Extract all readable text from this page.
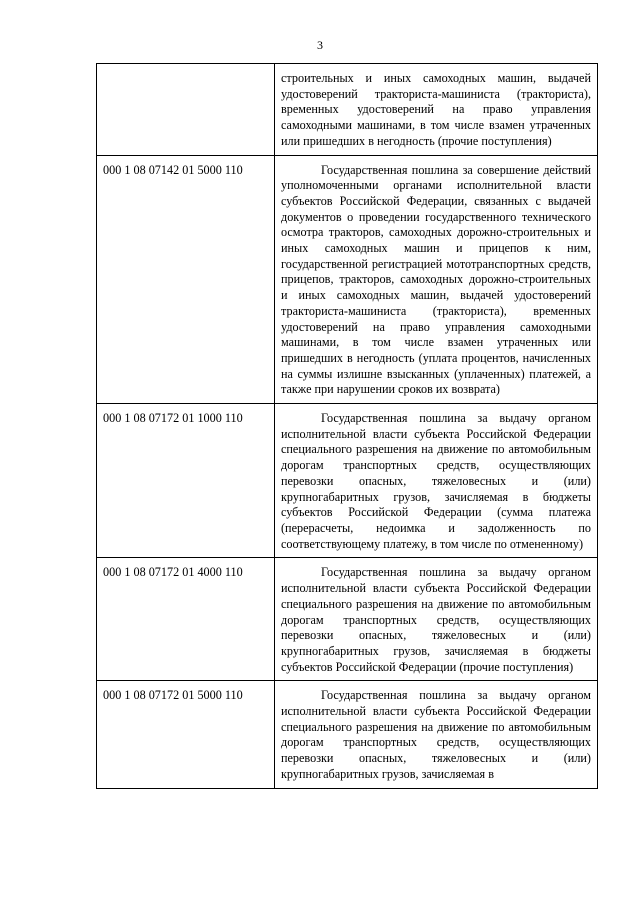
3
	строительных и иных самоходных машин, выдачей удостоверений тракториста-машиниста (тракториста), временных удостоверений на право управления самоходными машинами, в том числе взамен утраченных или пришедших в негодность (прочие поступления)
000 1 08 07142 01 5000 110	Государственная пошлина за совершение действий уполномоченными органами исполнительной власти субъектов Российской Федерации, связанных с выдачей документов о проведении государственного технического осмотра тракторов, самоходных дорожно-строительных и иных самоходных машин и прицепов к ним, государственной регистрацией мототранспортных средств, прицепов, тракторов, самоходных дорожно-строительных и иных самоходных машин, выдачей удостоверений тракториста-машиниста (тракториста), временных удостоверений на право управления самоходными машинами, в том числе взамен утраченных или пришедших в негодность (уплата процентов, начисленных на суммы излишне взысканных (уплаченных) платежей, а также при нарушении сроков их возврата)
000 1 08 07172 01 1000 110	Государственная пошлина за выдачу органом исполнительной власти субъекта Российской Федерации специального разрешения на движение по автомобильным дорогам транспортных средств, осуществляющих перевозки опасных, тяжеловесных и (или) крупногабаритных грузов, зачисляемая в бюджеты субъектов Российской Федерации (сумма платежа (перерасчеты, недоимка и задолженность по соответствующему платежу, в том числе по отмененному)
000 1 08 07172 01 4000 110	Государственная пошлина за выдачу органом исполнительной власти субъекта Российской Федерации специального разрешения на движение по автомобильным дорогам транспортных средств, осуществляющих перевозки опасных, тяжеловесных и (или) крупногабаритных грузов, зачисляемая в бюджеты субъектов Российской Федерации (прочие поступления)
000 1 08 07172 01 5000 110	Государственная пошлина за выдачу органом исполнительной власти субъекта Российской Федерации специального разрешения на движение по автомобильным дорогам транспортных средств, осуществляющих перевозки опасных, тяжеловесных и (или) крупногабаритных грузов, зачисляемая в
